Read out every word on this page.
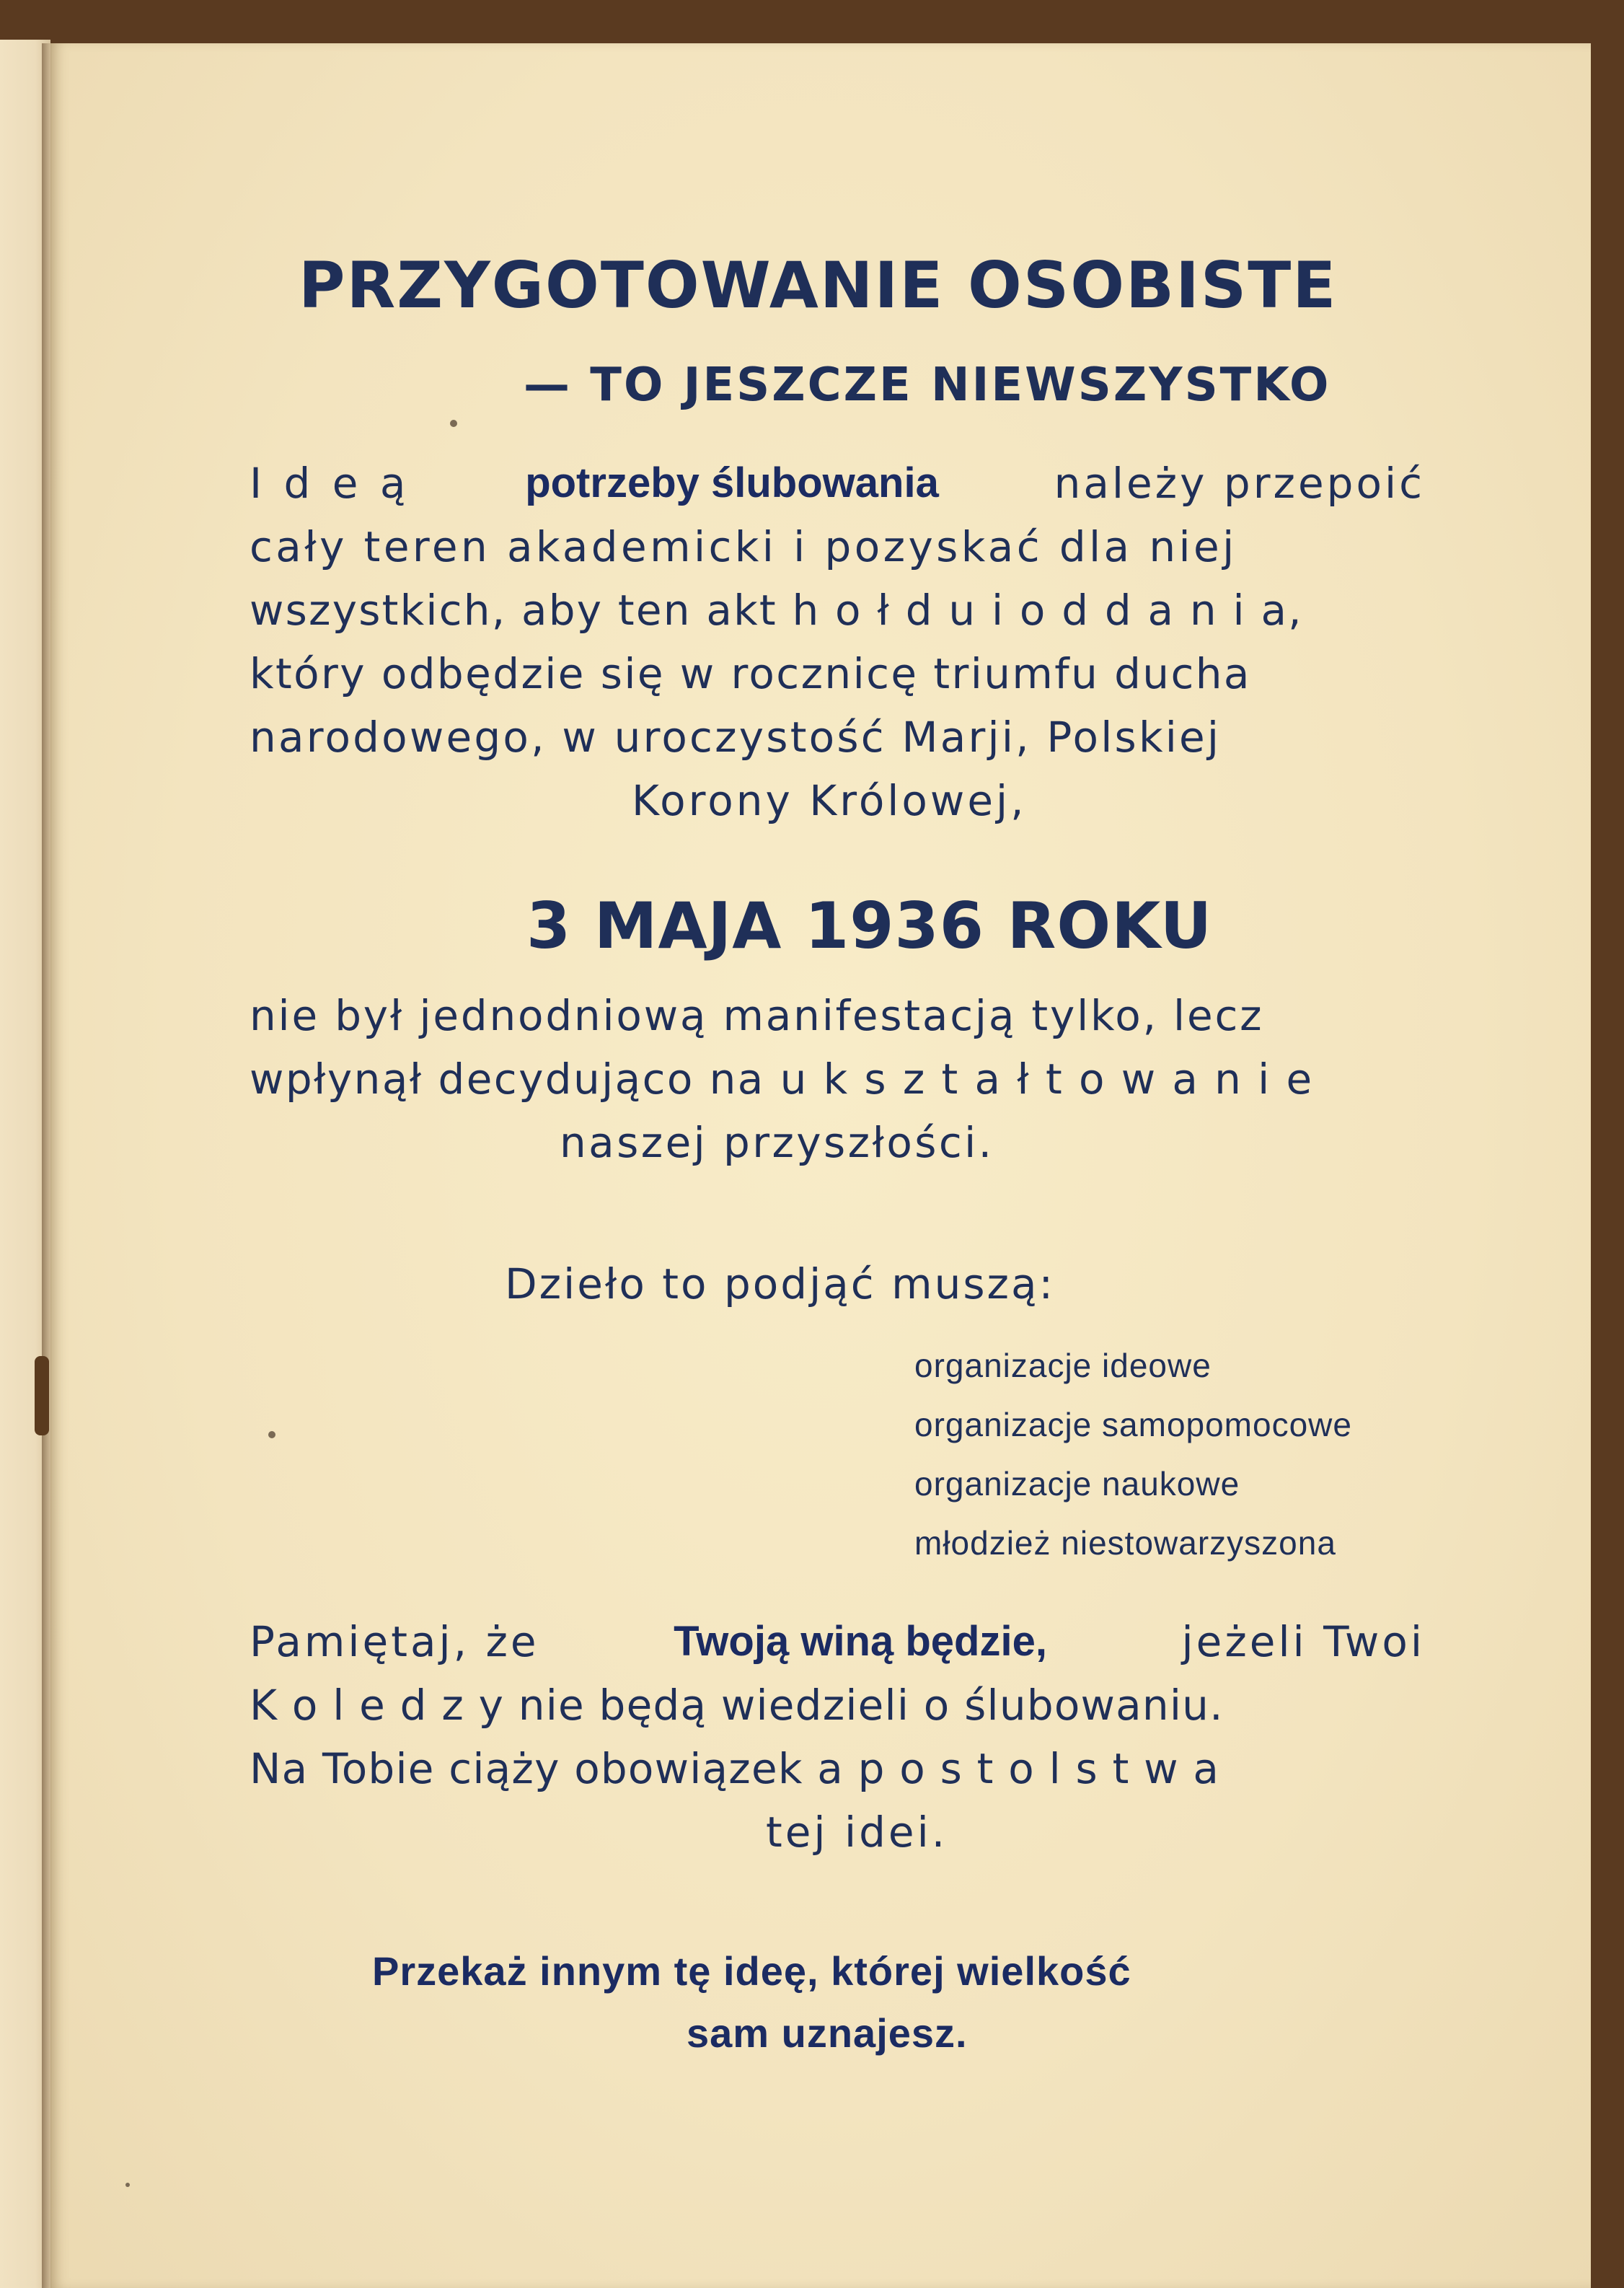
PRZYGOTOWANIE OSOBISTE
— TO JESZCZE NIEWSZYSTKO
I d e ą	potrzeby ślubowania	należy przepoić
cały teren akademicki i pozyskać dla niej
wszystkich, aby ten akt h o ł d u i o d d a n i a,
który odbędzie się w rocznicę triumfu ducha
narodowego, w uroczystość Marji, Polskiej
Korony Królowej,
3 MAJA 1936 ROKU
nie był jednodniową manifestacją tylko, lecz
wpłynął decydująco na u k s z t a ł t o w a n i e
naszej przyszłości.

Dzieło to podjąć muszą:

organizacje ideowe

organizacje samopomocowe

organizacje naukowe

młodzież niestowarzyszona

Pamiętaj, że	Twoją winą będzie,	jeżeli Twoi
K o l e d z y nie będą wiedzieli o ślubowaniu.
Na Tobie ciąży obowiązek a p o s t o l s t w a
tej idei.

Przekaż innym tę ideę, której wielkość

sam uznajesz.
